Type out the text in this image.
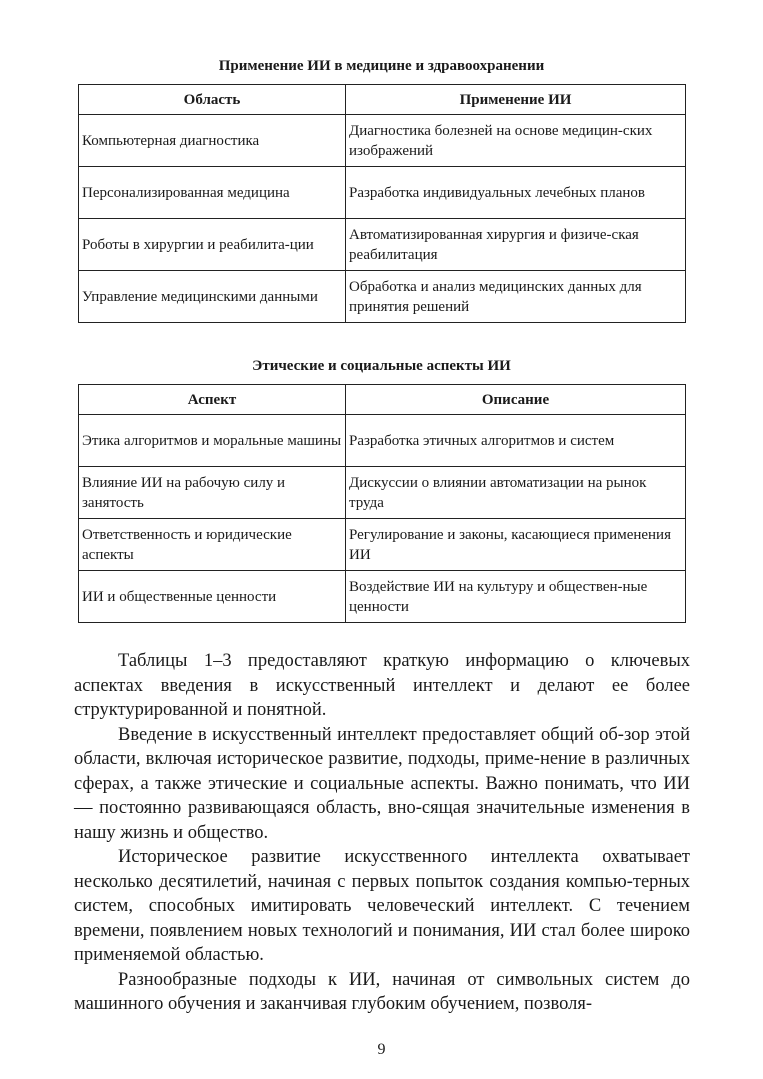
Применение ИИ в медицине и здравоохранении
Область	Применение ИИ
Компьютерная диагностика	Диагностика болезней на основе медицин-ских изображений
Персонализированная медицина	Разработка индивидуальных лечебных планов
Роботы в хирургии и реабилита-ции	Автоматизированная хирургия и физиче-ская реабилитация
Управление медицинскими данными	Обработка и анализ медицинских данных для принятия решений
Этические и социальные аспекты ИИ
Аспект	Описание
Этика алгоритмов и моральные машины	Разработка этичных алгоритмов и систем
Влияние ИИ на рабочую силу и занятость	Дискуссии о влиянии автоматизации на рынок труда
Ответственность и юридические аспекты	Регулирование и законы, касающиеся применения ИИ
ИИ и общественные ценности	Воздействие ИИ на культуру и обществен-ные ценности

Таблицы 1–3 предоставляют краткую информацию о ключевых аспектах введения в искусственный интеллект и делают ее более структурированной и понятной.

Введение в искусственный интеллект предоставляет общий об-зор этой области, включая историческое развитие, подходы, приме-нение в различных сферах, а также этические и социальные аспекты. Важно понимать, что ИИ — постоянно развивающаяся область, вно-сящая значительные изменения в нашу жизнь и общество.

Историческое развитие искусственного интеллекта охватывает несколько десятилетий, начиная с первых попыток создания компью-терных систем, способных имитировать человеческий интеллект. С течением времени, появлением новых технологий и понимания, ИИ стал более широко применяемой областью.

Разнообразные подходы к ИИ, начиная от символьных систем до машинного обучения и заканчивая глубоким обучением, позволя-

9
